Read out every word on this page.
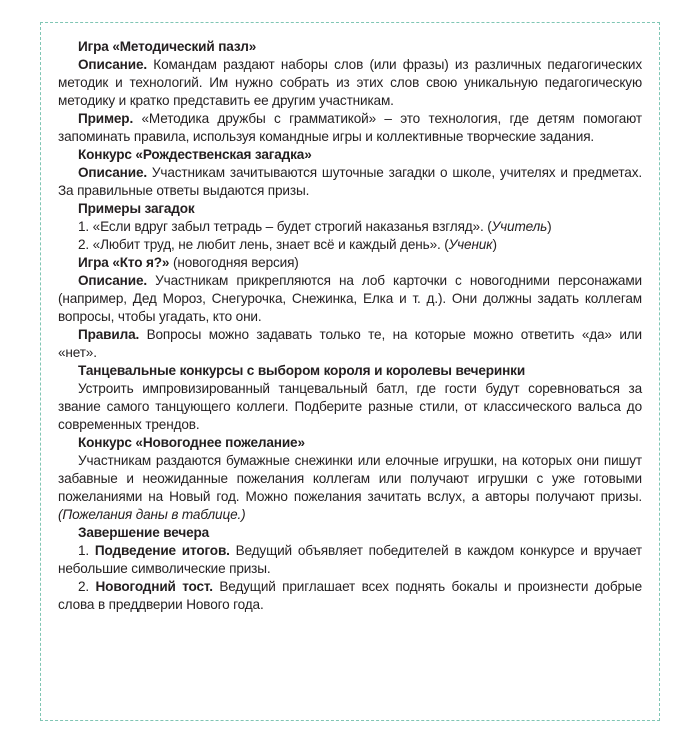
Игра «Методический пазл»

Описание. Командам раздают наборы слов (или фразы) из различных педагогических методик и технологий. Им нужно собрать из этих слов свою уникальную педагогическую методику и кратко представить ее другим участникам.

Пример. «Методика дружбы с грамматикой» – это технология, где детям помогают запоминать правила, используя командные игры и коллективные творческие задания.

Конкурс «Рождественская загадка»

Описание. Участникам зачитываются шуточные загадки о школе, учителях и предметах. За правильные ответы выдаются призы.

Примеры загадок

1. «Если вдруг забыл тетрадь – будет строгий наказанья взгляд». (Учитель)

2. «Любит труд, не любит лень, знает всё и каждый день». (Ученик)

Игра «Кто я?» (новогодняя версия)

Описание. Участникам прикрепляются на лоб карточки с новогодними персонажами (например, Дед Мороз, Снегурочка, Снежинка, Елка и т. д.). Они должны задать коллегам вопросы, чтобы угадать, кто они.

Правила. Вопросы можно задавать только те, на которые можно ответить «да» или «нет».

Танцевальные конкурсы с выбором короля и королевы вечеринки

Устроить импровизированный танцевальный батл, где гости будут соревноваться за звание самого танцующего коллеги. Подберите разные стили, от классического вальса до современных трендов.

Конкурс «Новогоднее пожелание»

Участникам раздаются бумажные снежинки или елочные игрушки, на которых они пишут забавные и неожиданные пожелания коллегам или получают игрушки с уже готовыми пожеланиями на Новый год. Можно пожелания зачитать вслух, а авторы получают призы. (Пожелания даны в таблице.)

Завершение вечера

1. Подведение итогов. Ведущий объявляет победителей в каждом конкурсе и вручает небольшие символические призы.

2. Новогодний тост. Ведущий приглашает всех поднять бокалы и произнести добрые слова в преддверии Нового года.
